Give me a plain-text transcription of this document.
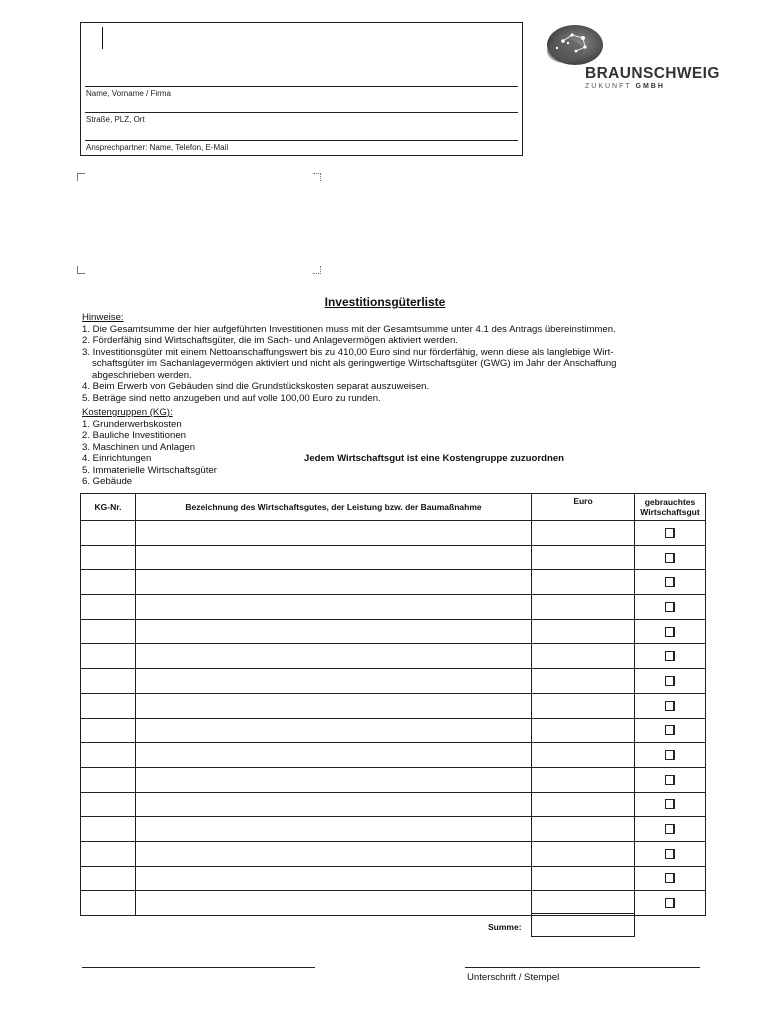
Name, Vorname / Firma
Straße, PLZ, Ort
Ansprechpartner: Name, Telefon, E-Mail
BRAUNSCHWEIG
ZUKUNFT GMBH
Investitionsgüterliste
Hinweise:
1. Die Gesamtsumme der hier aufgeführten Investitionen muss mit der Gesamtsumme unter 4.1 des Antrags übereinstimmen.
2. Förderfähig sind Wirtschaftsgüter, die im Sach- und Anlagevermögen aktiviert werden.
3. Investitionsgüter mit einem Nettoanschaffungswert bis zu 410,00 Euro sind nur förderfähig, wenn diese als langlebige Wirt-
schaftsgüter im Sachanlagevermögen aktiviert und nicht als geringwertige Wirtschaftsgüter (GWG) im Jahr der Anschaffung
abgeschrieben werden.
4. Beim Erwerb von Gebäuden sind die Grundstückskosten separat auszuweisen.
5. Beträge sind netto anzugeben und auf volle 100,00 Euro zu runden.
Kostengruppen (KG):
1. Grunderwerbskosten
2. Bauliche Investitionen
3. Maschinen und Anlagen
4. Einrichtungen
5. Immaterielle Wirtschaftsgüter
6. Gebäude
Jedem Wirtschaftsgut ist eine Kostengruppe zuzuordnen
KG-Nr.	Bezeichnung des Wirtschaftsgutes, der Leistung bzw. der Baumaßnahme	Euro	gebrauchtes
Wirtschaftsgut

Summe:
Unterschrift / Stempel
